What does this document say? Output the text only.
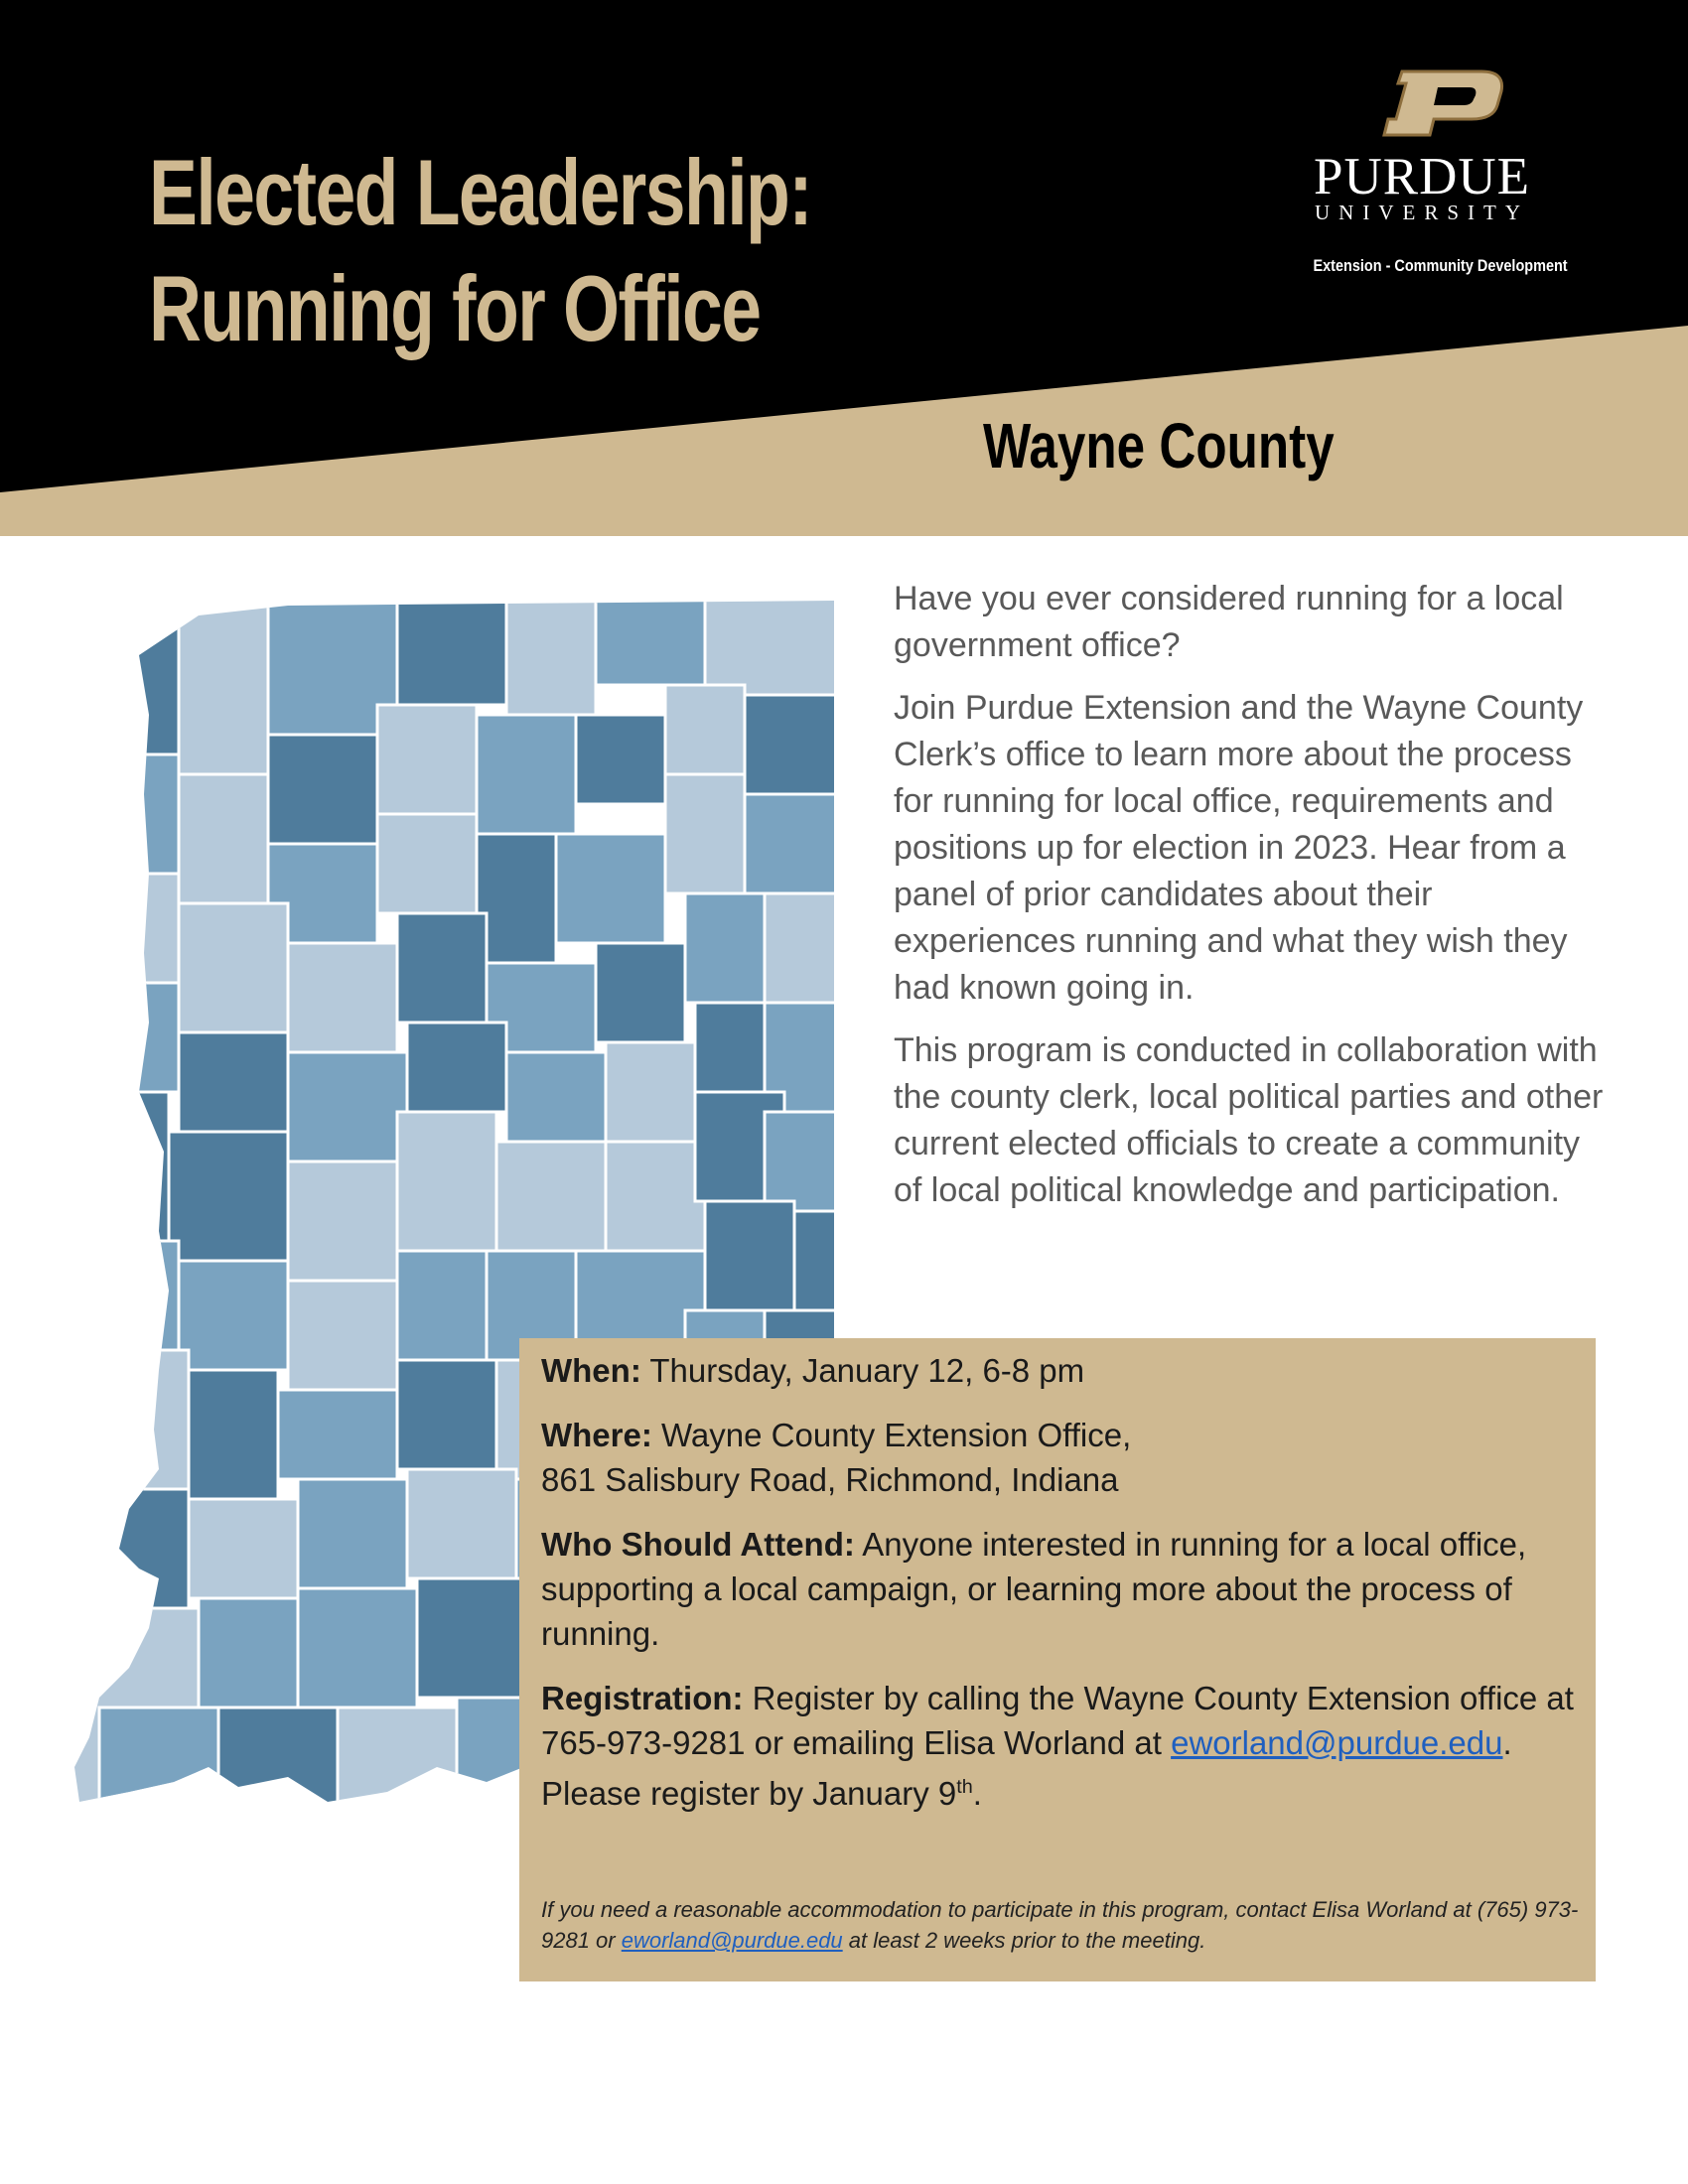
Elected Leadership:
Running for Office
PURDUE
UNIVERSITY
Extension - Community Development
Wayne County

Have you ever considered running for a local government office?

Join Purdue Extension and the Wayne County Clerk’s office to learn more about the process for running for local office, requirements and positions up for election in 2023. Hear from a panel of prior candidates about their experiences running and what they wish they had known going in.

This program is conducted in collaboration with the county clerk, local political parties and other current elected officials to create a community of local political knowledge and participation.

When: Thursday, January 12, 6-8 pm

Where: Wayne County Extension Office,
861 Salisbury Road, Richmond, Indiana

Who Should Attend: Anyone interested in running for a local office, supporting a local campaign, or learning more about the process of running.

Registration: Register by calling the Wayne County Extension office at 765-973-9281 or emailing Elisa Worland at eworland@purdue.edu. Please register by January 9th.

If you need a reasonable accommodation to participate in this program, contact Elisa Worland at (765) 973-9281 or eworland@purdue.edu at least 2 weeks prior to the meeting.
